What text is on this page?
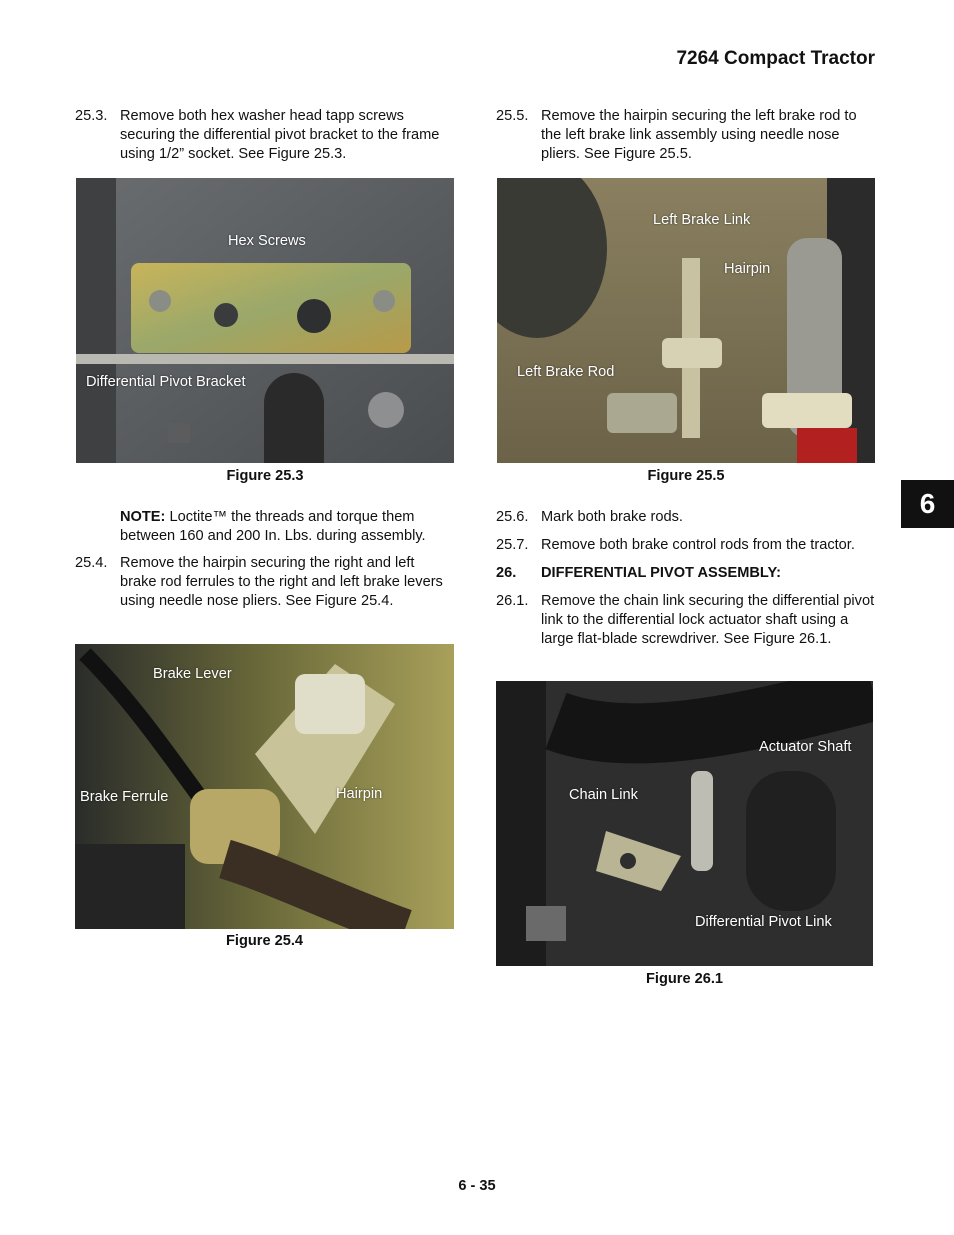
7264 Compact Tractor
25.3. Remove both hex washer head tapp screws securing the differential pivot bracket to the frame using 1/2” socket. See Figure 25.3.
Hex Screws
Differential Pivot Bracket
Figure 25.3
NOTE: Loctite™ the threads and torque them between 160 and 200 In. Lbs. during assembly.
25.4. Remove the hairpin securing the right and left brake rod ferrules to the right and left brake levers using needle nose pliers. See Figure 25.4.
Brake Lever
Brake Ferrule	Hairpin
Figure 25.4
25.5. Remove the hairpin securing the left brake rod to the left brake link assembly using needle nose pliers. See Figure 25.5.
Left Brake Link
Hairpin
Left Brake Rod
Figure 25.5
25.6. Mark both brake rods.
25.7. Remove both brake control rods from the tractor.
26. DIFFERENTIAL PIVOT ASSEMBLY:
26.1. Remove the chain link securing the differential pivot link to the differential lock actuator shaft using a large flat-blade screwdriver. See Figure 26.1.
Actuator Shaft
Chain Link
Differential Pivot Link
Figure 26.1
6
6 - 35
